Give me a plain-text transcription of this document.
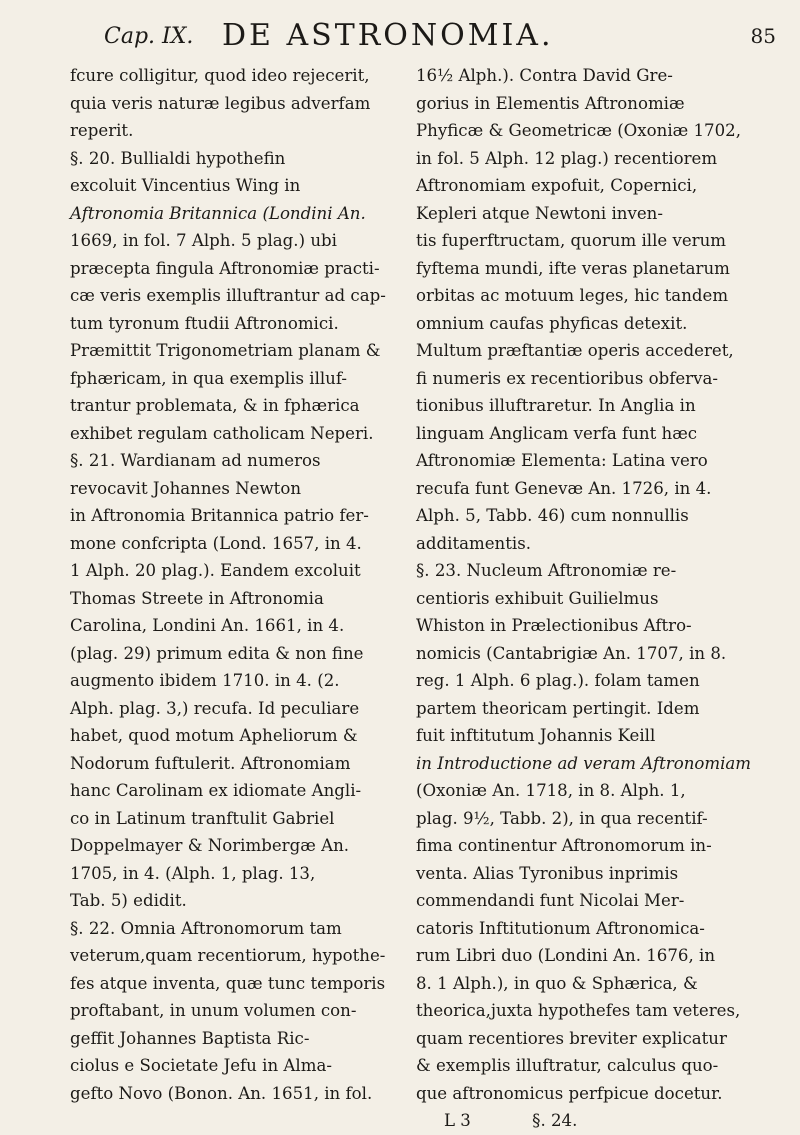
Cap. IX. DE ASTRONOMIA.	85
fcure colligitur, quod ideo rejecerit,
quia veris naturæ legibus adverfam
reperit.
§. 20. Bullialdi hypothefin
excoluit Vincentius Wing in
Aftronomia Britannica (Londini An.
1669, in fol. 7 Alph. 5 plag.) ubi
præcepta fingula Aftronomiæ practi-
cæ veris exemplis illuftrantur ad cap-
tum tyronum ftudii Aftronomici.
Præmittit Trigonometriam planam &
fphæricam, in qua exemplis illuf-
trantur problemata, & in fphærica
exhibet regulam catholicam Neperi.
§. 21. Wardianam ad numeros
revocavit Johannes Newton
in Aftronomia Britannica patrio fer-
mone confcripta (Lond. 1657, in 4.
1 Alph. 20 plag.). Eandem excoluit
Thomas Streete in Aftronomia
Carolina, Londini An. 1661, in 4.
(plag. 29) primum edita & non fine
augmento ibidem 1710. in 4. (2.
Alph. plag. 3,) recufa. Id peculiare
habet, quod motum Apheliorum &
Nodorum fuftulerit. Aftronomiam
hanc Carolinam ex idiomate Angli-
co in Latinum tranftulit Gabriel
Doppelmayer & Norimbergæ An.
1705, in 4. (Alph. 1, plag. 13,
Tab. 5) edidit.
§. 22. Omnia Aftronomorum tam
veterum,quam recentiorum, hypothe-
fes atque inventa, quæ tunc temporis
proftabant, in unum volumen con-
geffit Johannes Baptista Ric-
ciolus e Societate Jefu in Alma-
gefto Novo (Bonon. An. 1651, in fol.
16½ Alph.). Contra David Gre-
gorius in Elementis Aftronomiæ
Phyficæ & Geometricæ (Oxoniæ 1702,
in fol. 5 Alph. 12 plag.) recentiorem
Aftronomiam expofuit, Copernici,
Kepleri atque Newtoni inven-
tis fuperftructam, quorum ille verum
fyftema mundi, ifte veras planetarum
orbitas ac motuum leges, hic tandem
omnium caufas phyficas detexit.
Multum præftantiæ operis accederet,
fi numeris ex recentioribus obferva-
tionibus illuftraretur. In Anglia in
linguam Anglicam verfa funt hæc
Aftronomiæ Elementa: Latina vero
recufa funt Genevæ An. 1726, in 4.
Alph. 5, Tabb. 46) cum nonnullis
additamentis.
§. 23. Nucleum Aftronomiæ re-
centioris exhibuit Guilielmus
Whiston in Prælectionibus Aftro-
nomicis (Cantabrigiæ An. 1707, in 8.
reg. 1 Alph. 6 plag.). folam tamen
partem theoricam pertingit. Idem
fuit inftitutum Johannis Keill
in Introductione ad veram Aftronomiam
(Oxoniæ An. 1718, in 8. Alph. 1,
plag. 9½, Tabb. 2), in qua recentif-
fima continentur Aftronomorum in-
venta. Alias Tyronibus inprimis
commendandi funt Nicolai Mer-
catoris Inftitutionum Aftronomica-
rum Libri duo (Londini An. 1676, in
8. 1 Alph.), in quo & Sphærica, &
theorica,juxta hypothefes tam veteres,
quam recentiores breviter explicatur
& exemplis illuftratur, calculus quo-
que aftronomicus perfpicue docetur.
L 3	§. 24.
